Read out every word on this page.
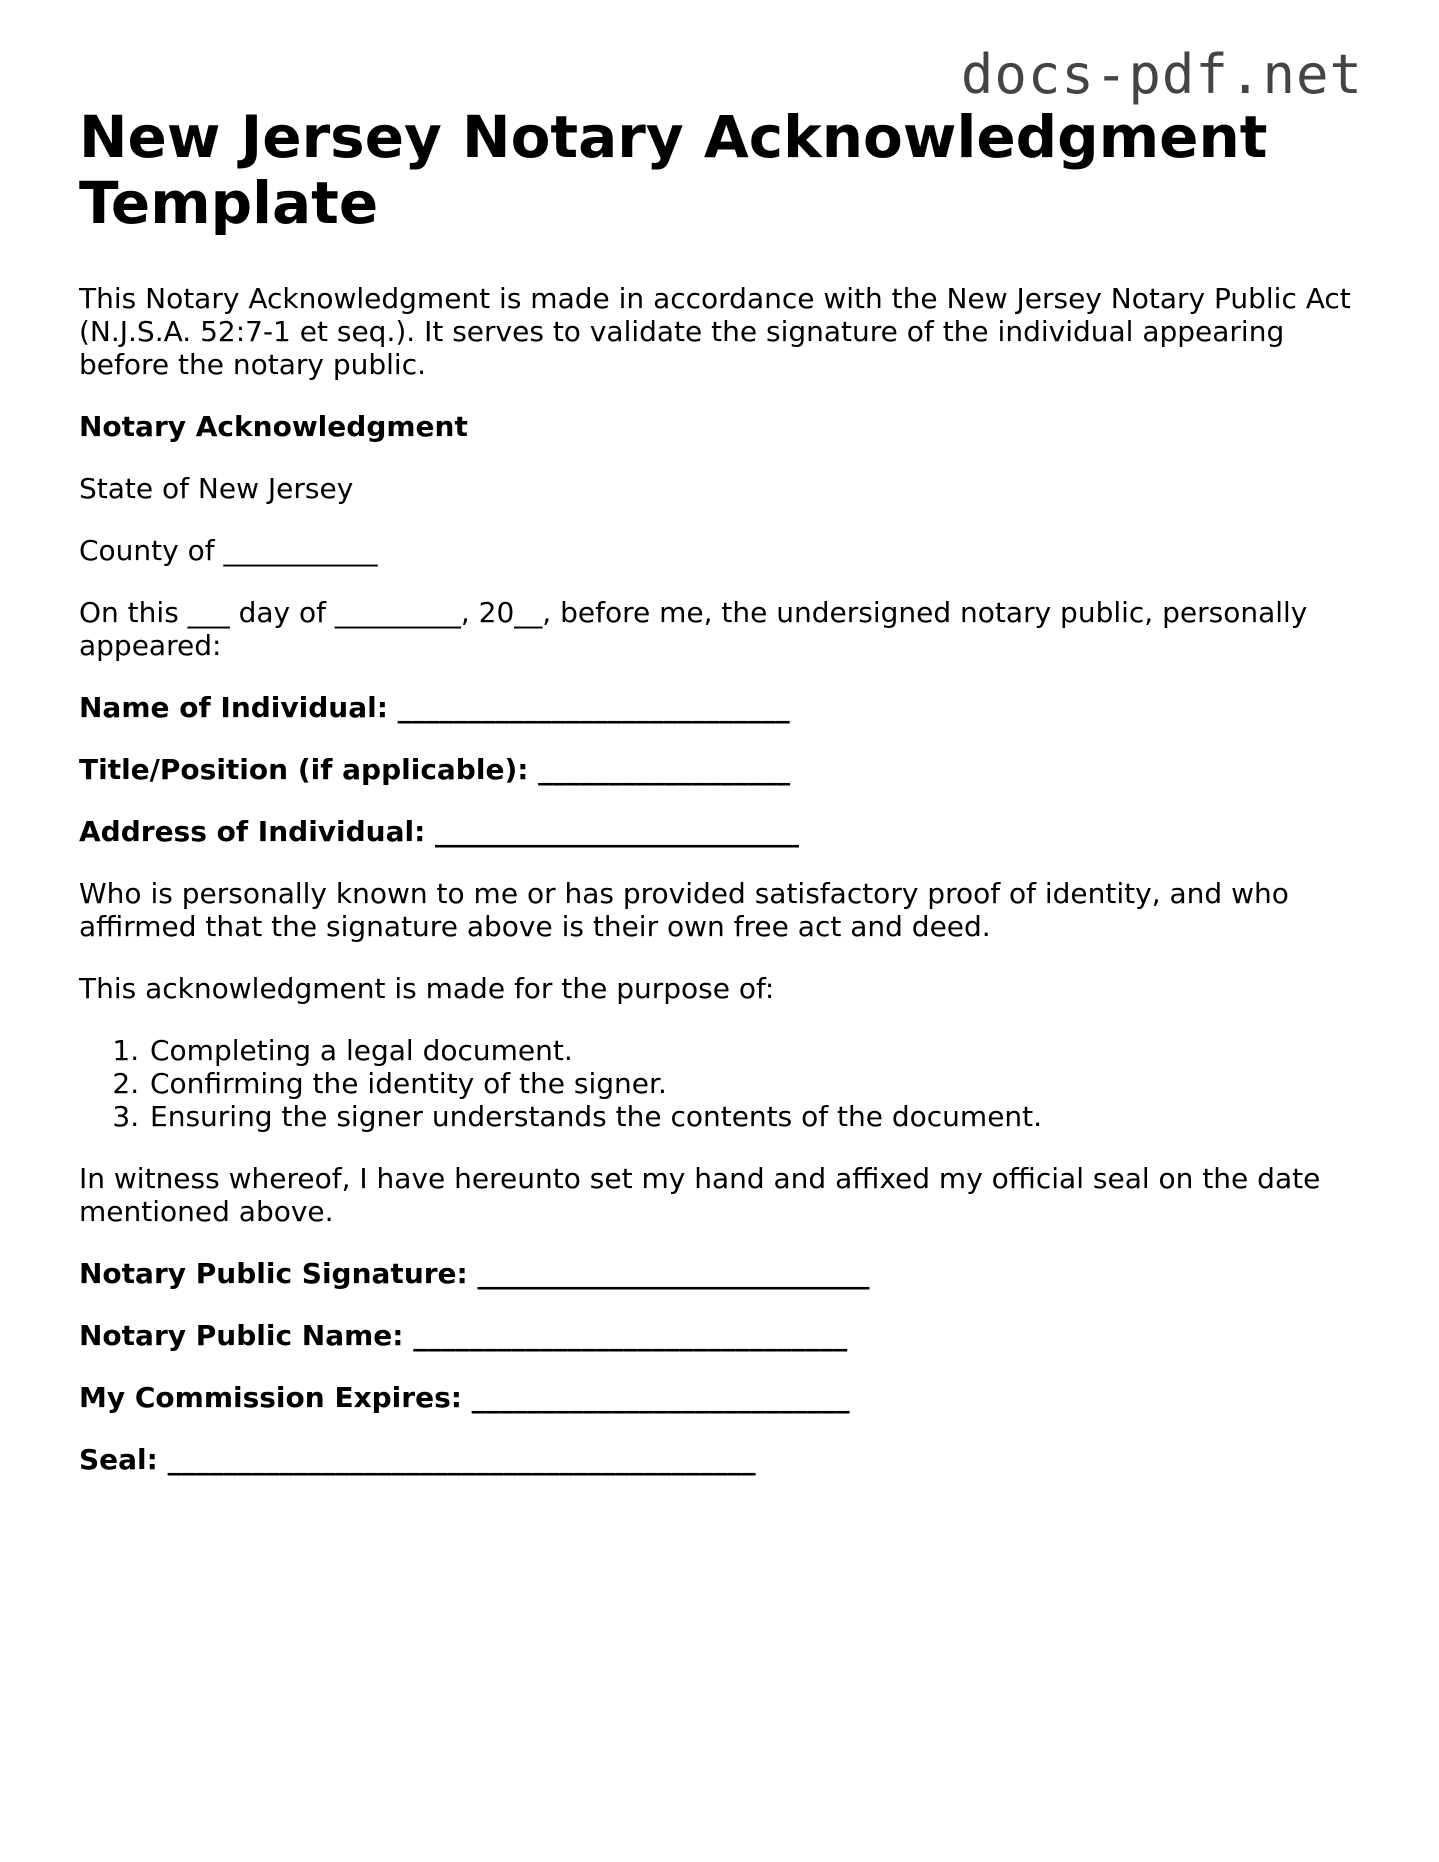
docs-pdf.net
New Jersey Notary Acknowledgment Template

This Notary Acknowledgment is made in accordance with the New Jersey Notary Public Act (N.J.S.A. 52:7-1 et seq.). It serves to validate the signature of the individual appearing before the notary public.

Notary Acknowledgment

State of New Jersey

County of ___________

On this ___ day of _________, 20__, before me, the undersigned notary public, personally appeared:

Name of Individual: ____________________________

Title/Position (if applicable): __________________

Address of Individual: __________________________

Who is personally known to me or has provided satisfactory proof of identity, and who affirmed that the signature above is their own free act and deed.

This acknowledgment is made for the purpose of:

1. Completing a legal document.
2. Confirming the identity of the signer.
3. Ensuring the signer understands the contents of the document.

In witness whereof, I have hereunto set my hand and affixed my official seal on the date mentioned above.

Notary Public Signature: ____________________________

Notary Public Name: _______________________________

My Commission Expires: ___________________________

Seal: __________________________________________
